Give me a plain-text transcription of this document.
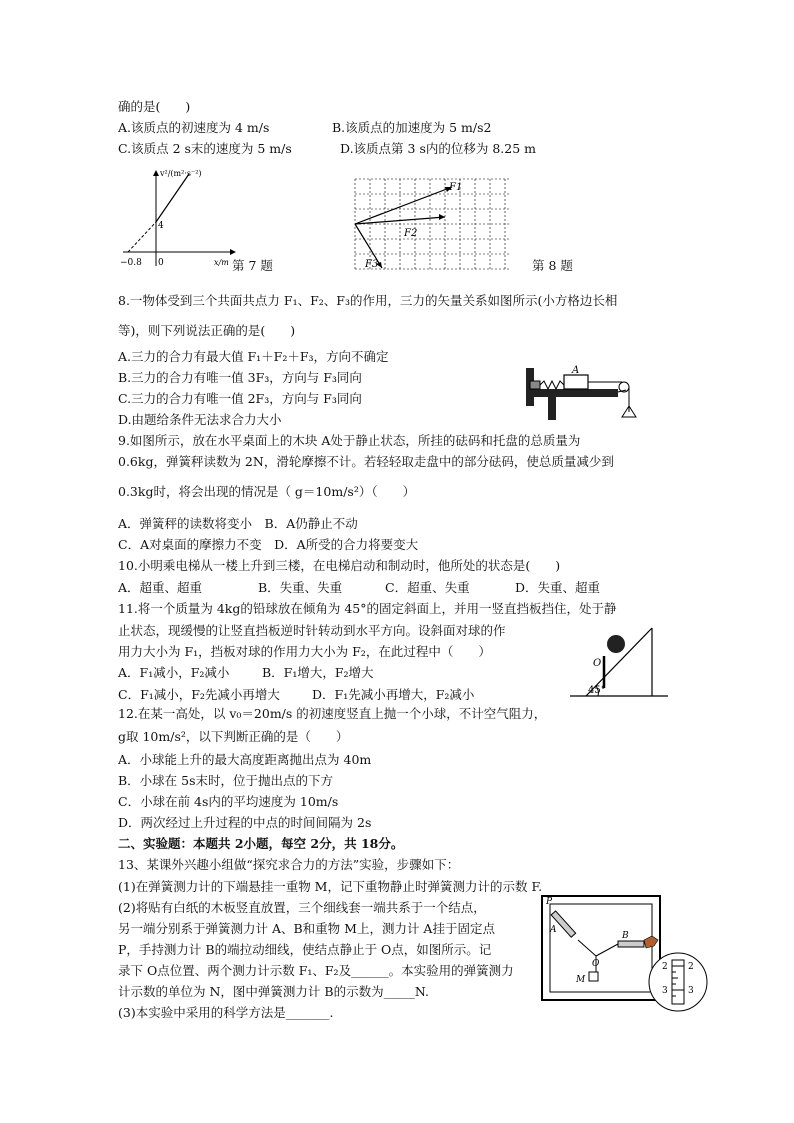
确的是(　　)
A.该质点的初速度为 4 m/s	B.该质点的加速度为 5 m/s2
C.该质点 2 s末的速度为 5 m/s	D.该质点第 3 s内的位移为 8.25 m
v²/(m²·s⁻²)
x/m
4
−0.8 0	第 7 题
F1
F2
F3	第 8 题
8.一物体受到三个共面共点力 F₁、F₂、F₃的作用，三力的矢量关系如图所示(小方格边长相
等)，则下列说法正确的是(　　)
A.三力的合力有最大值 F₁＋F₂＋F₃，方向不确定
B.三力的合力有唯一值 3F₃，方向与 F₃同向
C.三力的合力有唯一值 2F₃，方向与 F₃同向
D.由题给条件无法求合力大小
A
9.如图所示，放在水平桌面上的木块 A处于静止状态，所挂的砝码和托盘的总质量为
0.6kg，弹簧秤读数为 2N，滑轮摩擦不计。若轻轻取走盘中的部分砝码，使总质量减少到
0.3kg时，将会出现的情况是（ g＝10m/s²）（　　）
A．弹簧秤的读数将变小　B．A仍静止不动
C．A对桌面的摩擦力不变　D．A所受的合力将要变大
10.小明乘电梯从一楼上升到三楼，在电梯启动和制动时，他所处的状态是(　　)
A．超重、超重	B．失重、失重	C．超重、失重	D．失重、超重
11.将一个质量为 4kg的铅球放在倾角为 45°的固定斜面上，并用一竖直挡板挡住，处于静
止状态，现缓慢的让竖直挡板逆时针转动到水平方向。设斜面对球的作
用力大小为 F₁，挡板对球的作用力大小为 F₂，在此过程中（　　）
A．F₁减小，F₂减小	B．F₁增大，F₂增大
C．F₁减小，F₂先减小再增大	D．F₁先减小再增大，F₂减小
O
45°
12.在某一高处，以 v₀＝20m/s 的初速度竖直上抛一个小球，不计空气阻力，
g取 10m/s²，以下判断正确的是（　　）
A．小球能上升的最大高度距离抛出点为 40m
B．小球在 5s末时，位于抛出点的下方
C．小球在前 4s内的平均速度为 10m/s
D．两次经过上升过程的中点的时间间隔为 2s
二、实验题：本题共 2小题，每空 2分，共 18分。
13、某课外兴趣小组做“探究求合力的方法”实验，步骤如下：
(1)在弹簧测力计的下端悬挂一重物 M，记下重物静止时弹簧测力计的示数 F.
(2)将贴有白纸的木板竖直放置，三个细线套一端共系于一个结点，
另一端分别系于弹簧测力计 A、B和重物 M上，测力计 A挂于固定点
P，手持测力计 B的端拉动细线，使结点静止于 O点，如图所示。记
录下 O点位置、两个测力计示数 F₁、F₂及______。本实验用的弹簧测力
计示数的单位为 N，图中弹簧测力计 B的示数为_____N.
(3)本实验中采用的科学方法是_______.
P
A
B
O
M
2 2
3 3
